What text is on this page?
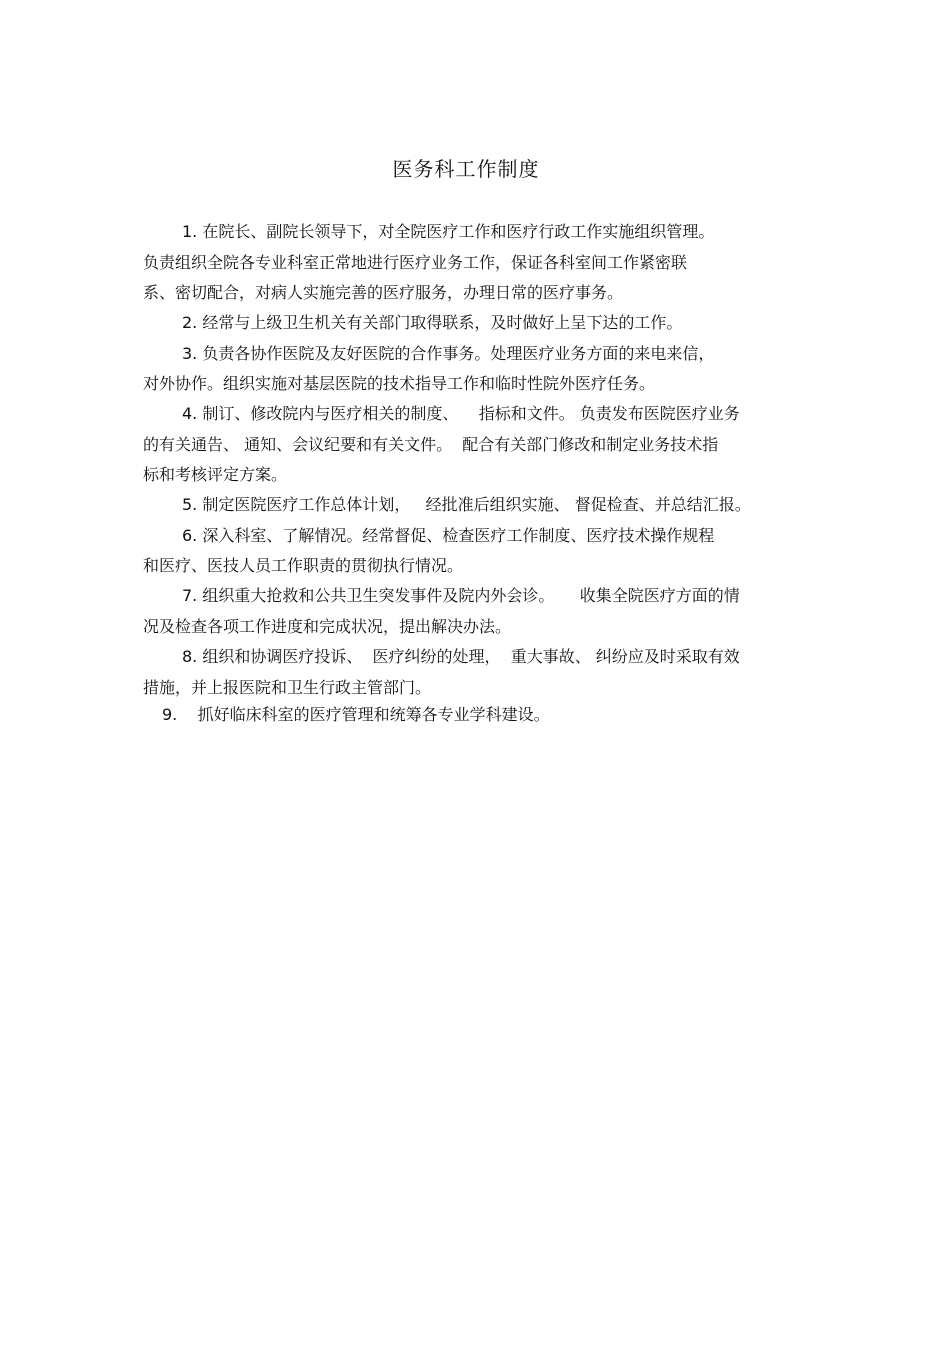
医务科工作制度
1. 在院长、副院长领导下，对全院医疗工作和医疗行政工作实施组织管理。
负责组织全院各专业科室正常地进行医疗业务工作，保证各科室间工作紧密联
系、密切配合，对病人实施完善的医疗服务，办理日常的医疗事务。
2. 经常与上级卫生机关有关部门取得联系，及时做好上呈下达的工作。
3. 负责各协作医院及友好医院的合作事务。处理医疗业务方面的来电来信，
对外协作。组织实施对基层医院的技术指导工作和临时性院外医疗任务。
4. 制订、修改院内与医疗相关的制度、    指标和文件。 负责发布医院医疗业务
的有关通告、 通知、会议纪要和有关文件。  配合有关部门修改和制定业务技术指
标和考核评定方案。
5. 制定医院医疗工作总体计划，   经批准后组织实施、 督促检查、并总结汇报。
6. 深入科室、了解情况。经常督促、检查医疗工作制度、医疗技术操作规程
和医疗、医技人员工作职责的贯彻执行情况。
7. 组织重大抢救和公共卫生突发事件及院内外会诊。     收集全院医疗方面的情
况及检查各项工作进度和完成状况，提出解决办法。
8. 组织和协调医疗投诉、  医疗纠纷的处理，  重大事故、 纠纷应及时采取有效
措施，并上报医院和卫生行政主管部门。
9.    抓好临床科室的医疗管理和统筹各专业学科建设。
